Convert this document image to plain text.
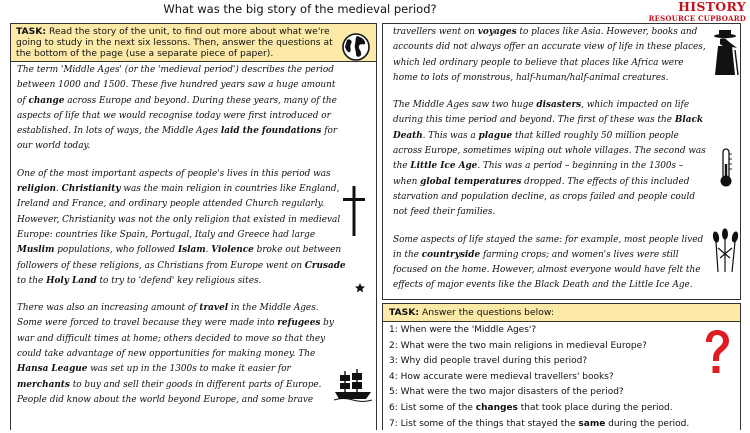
What was the big story of the medieval period?	HISTORY
RESOURCE CUPBOARD
TASK: Read the story of the unit, to find out more about what we're going to study in the next six lessons. Then, answer the questions at the bottom of the page (use a separate piece of paper).

The term 'Middle Ages' (or the 'medieval period') describes the period between 1000 and 1500. These five hundred years saw a huge amount of change across Europe and beyond. During these years, many of the aspects of life that we would recognise today were first introduced or established. In lots of ways, the Middle Ages laid the foundations for our world today.

One of the most important aspects of people's lives in this period was religion. Christianity was the main religion in countries like England, Ireland and France, and ordinary people attended Church regularly. However, Christianity was not the only religion that existed in medieval Europe: countries like Spain, Portugal, Italy and Greece had large Muslim populations, who followed Islam. Violence broke out between followers of these religions, as Christians from Europe went on Crusade to the Holy Land to try to 'defend' key religious sites.

There was also an increasing amount of travel in the Middle Ages. Some were forced to travel because they were made into refugees by war and difficult times at home; others decided to move so that they could take advantage of new opportunities for making money. The Hansa League was set up in the 1300s to make it easier for merchants to buy and sell their goods in different parts of Europe. People did know about the world beyond Europe, and some brave

travellers went on voyages to places like Asia. However, books and accounts did not always offer an accurate view of life in these places, which led ordinary people to believe that places like Africa were home to lots of monstrous, half-human/half-animal creatures.

The Middle Ages saw two huge disasters, which impacted on life during this time period and beyond. The first of these was the Black Death. This was a plague that killed roughly 50 million people across Europe, sometimes wiping out whole villages. The second was the Little Ice Age. This was a period – beginning in the 1300s – when global temperatures dropped. The effects of this included starvation and population decline, as crops failed and people could not feed their families.

Some aspects of life stayed the same: for example, most people lived in the countryside farming crops; and women's lives were still focused on the home. However, almost everyone would have felt the effects of major events like the Black Death and the Little Ice Age.

TASK: Answer the questions below:
1: When were the 'Middle Ages'?
2: What were the two main religions in medieval Europe?
3: Why did people travel during this period?
4: How accurate were medieval travellers' books?
5: What were the two major disasters of the period?
6: List some of the changes that took place during the period.
7: List some of the things that stayed the same during the period.
